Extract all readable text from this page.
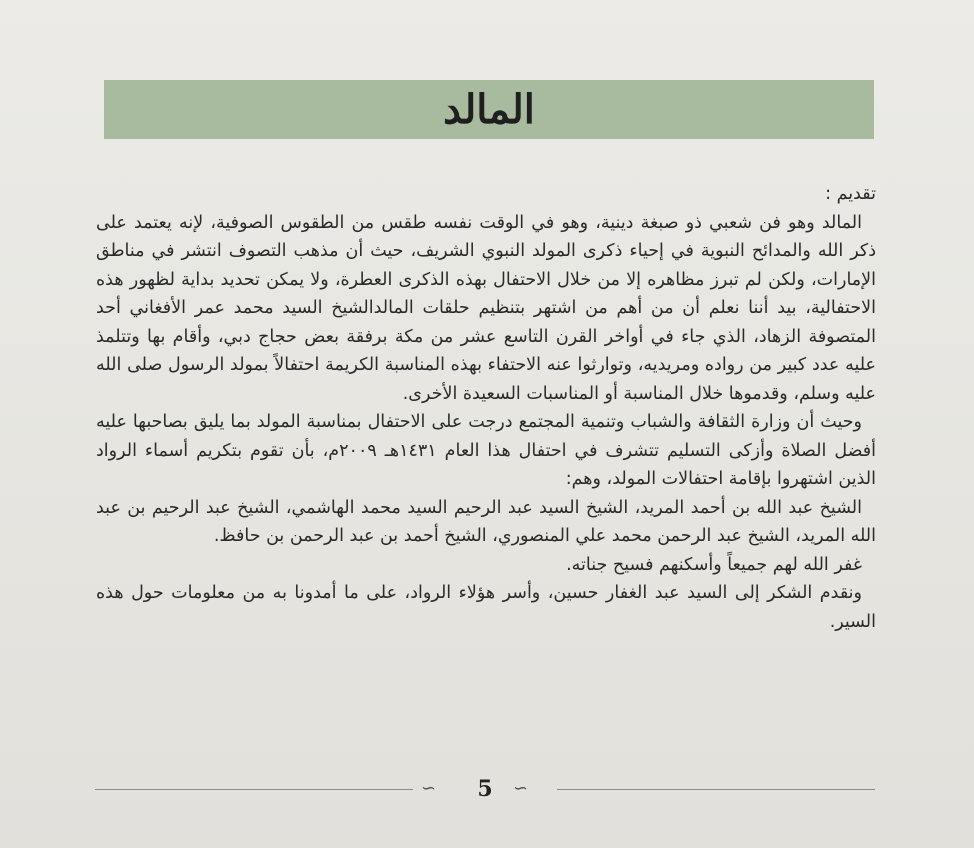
المالد

تقديم :

المالد وهو فن شعبي ذو صبغة دينية، وهو في الوقت نفسه طقس من الطقوس الصوفية، لإنه يعتمد على ذكر الله والمدائح النبوية في إحياء ذكرى المولد النبوي الشريف، حيث أن مذهب التصوف انتشر في مناطق الإمارات، ولكن لم تبرز مظاهره إلا من خلال الاحتفال بهذه الذكرى العطرة، ولا يمكن تحديد بداية لظهور هذه الاحتفالية، بيد أننا نعلم أن من أهم من اشتهر بتنظيم حلقات المالدالشيخ السيد محمد عمر الأفغاني أحد المتصوفة الزهاد، الذي جاء في أواخر القرن التاسع عشر من مكة برفقة بعض حجاج دبي، وأقام بها وتتلمذ عليه عدد كبير من رواده ومريديه، وتوارثوا عنه الاحتفاء بهذه المناسبة الكريمة احتفالاً بمولد الرسول صلى الله عليه وسلم، وقدموها خلال المناسبة أو المناسبات السعيدة الأخرى.

وحيث أن وزارة الثقافة والشباب وتنمية المجتمع درجت على الاحتفال بمناسبة المولد بما يليق بصاحبها عليه أفضل الصلاة وأزكى التسليم تتشرف في احتفال هذا العام ١٤٣١هـ ٢٠٠٩م، بأن تقوم بتكريم أسماء الرواد الذين اشتهروا بإقامة احتفالات المولد، وهم:

الشيخ عبد الله بن أحمد المريد، الشيخ السيد عبد الرحيم السيد محمد الهاشمي، الشيخ عبد الرحيم بن عبد الله المريد، الشيخ عبد الرحمن محمد علي المنصوري، الشيخ أحمد بن عبد الرحمن بن حافظ.

غفر الله لهم جميعاً وأسكنهم فسيح جناته.

ونقدم الشكر إلى السيد عبد الغفار حسين، وأسر هؤلاء الرواد، على ما أمدونا به من معلومات حول هذه السير.

∽	5	∽
